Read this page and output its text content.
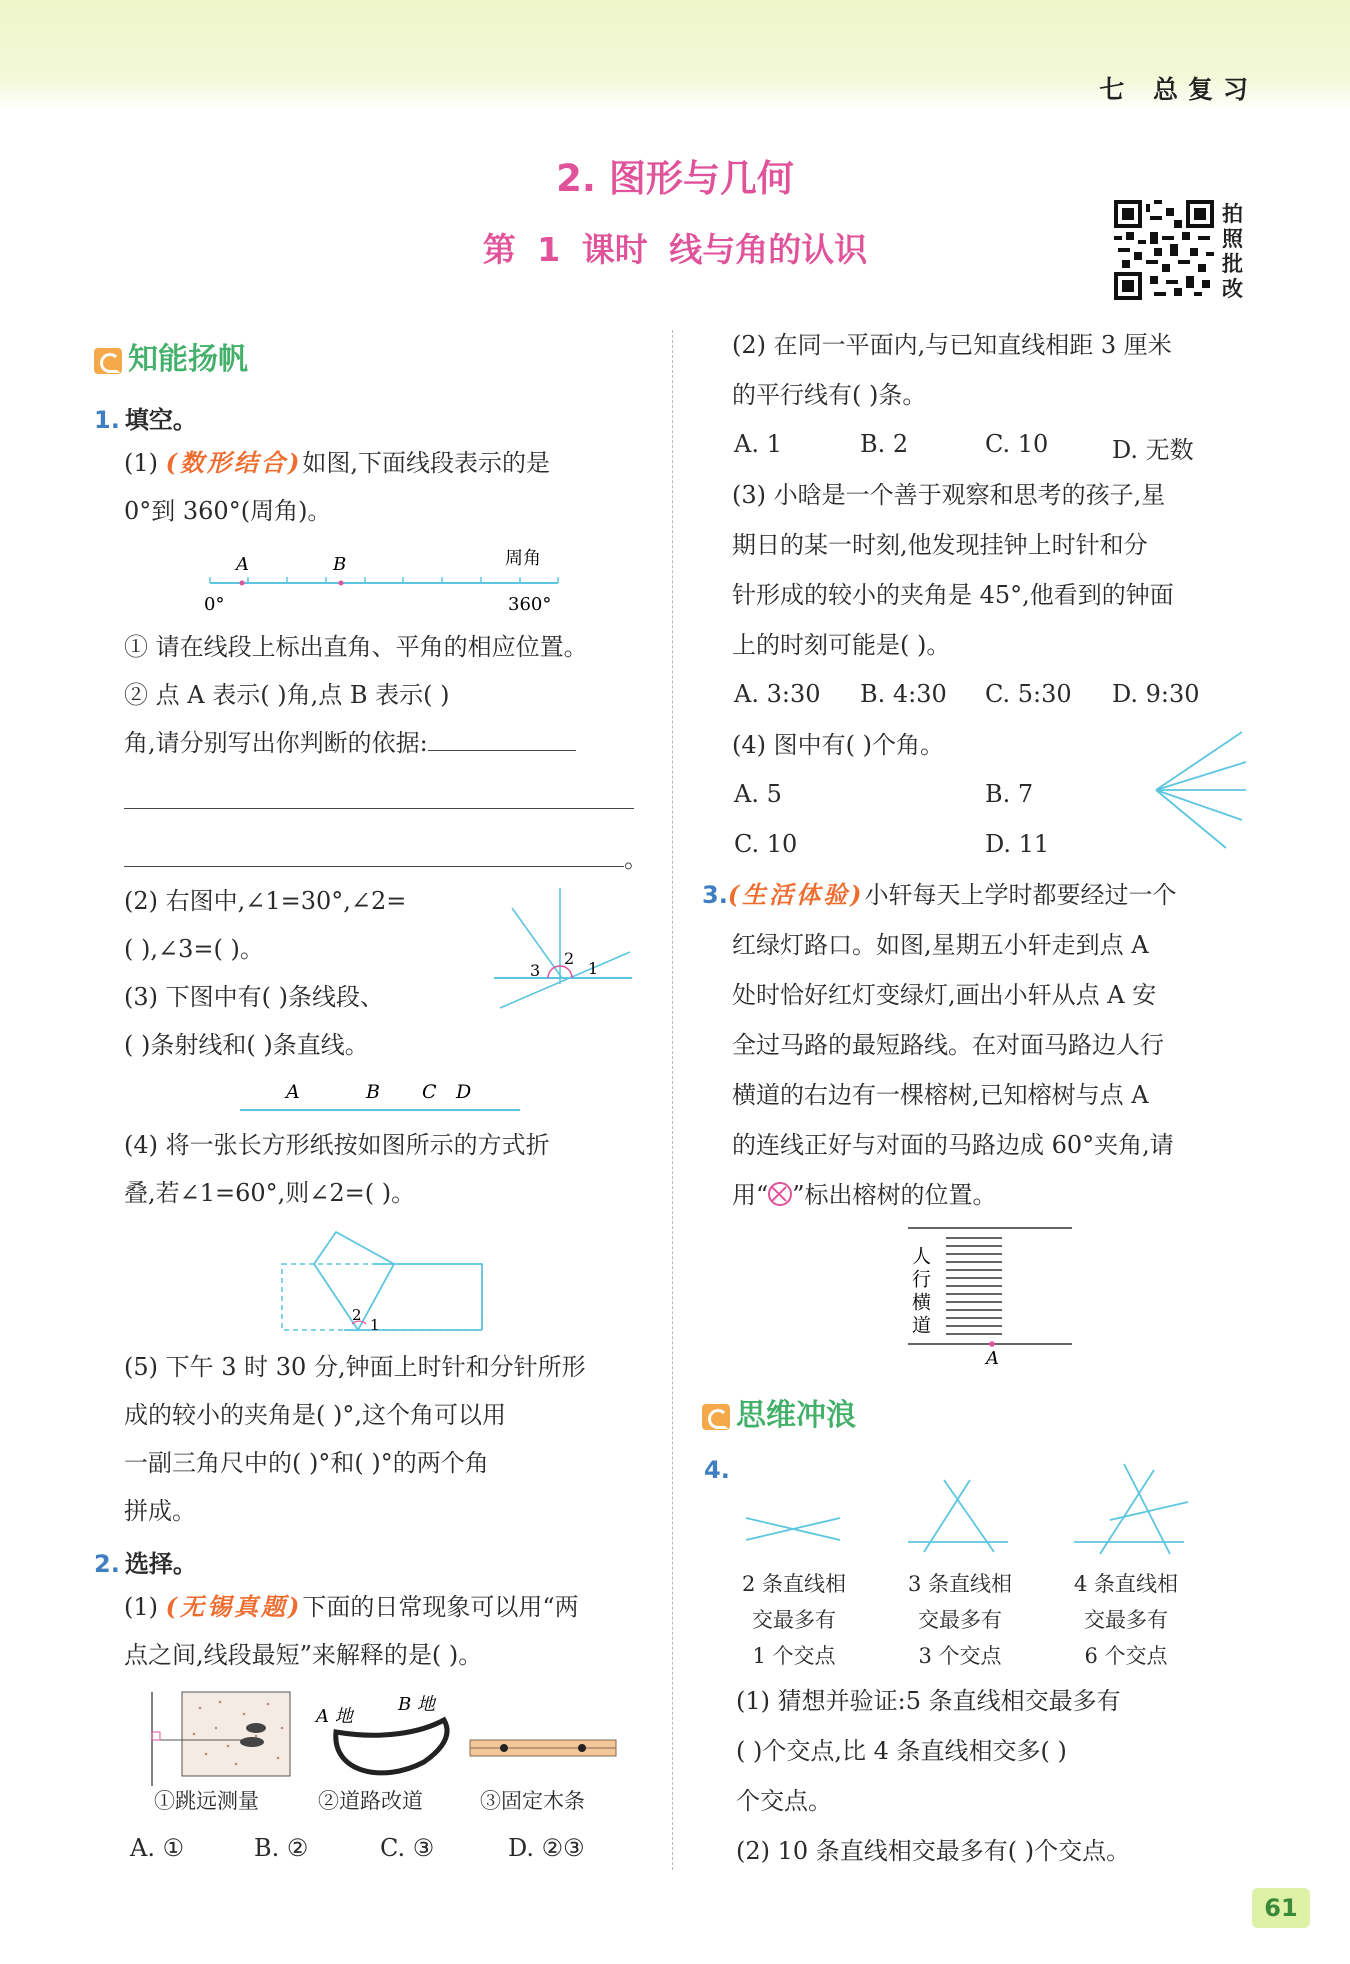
七 总复习
2. 图形与几何
第 1 课时 线与角的认识
拍照批改
知能扬帆
1. 填空。
(1) (数形结合)如图,下面线段表示的是
0°到 360°(周角)。
A	B	周角
0°	360°
① 请在线段上标出直角、平角的相应位置。
② 点 A 表示( )角,点 B 表示( )
角,请分别写出你判断的依据:
。
(2) 右图中,∠1=30°,∠2=
( ),∠3=( )。
3
2
1
(3) 下图中有( )条线段、
( )条射线和( )条直线。
A	B C D
(4) 将一张长方形纸按如图所示的方式折
叠,若∠1=60°,则∠2=( )。
2
1
(5) 下午 3 时 30 分,钟面上时针和分针所形
成的较小的夹角是( )°,这个角可以用
一副三角尺中的( )°和( )°的两个角
拼成。
2. 选择。
(1) (无锡真题)下面的日常现象可以用“两
点之间,线段最短”来解释的是( )。
A 地
B 地
①跳远测量	②道路改道	③固定木条
A. ①	B. ②	C. ③	D. ②③
(2) 在同一平面内,与已知直线相距 3 厘米
的平行线有( )条。
A. 1	B. 2	C. 10	D. 无数
(3) 小晗是一个善于观察和思考的孩子,星
期日的某一时刻,他发现挂钟上时针和分
针形成的较小的夹角是 45°,他看到的钟面
上的时刻可能是( )。
A. 3:30 B. 4:30 C. 5:30 D. 9:30
(4) 图中有( )个角。
A. 5	B. 7
C. 10	D. 11
3.(生活体验)小轩每天上学时都要经过一个
红绿灯路口。如图,星期五小轩走到点 A
处时恰好红灯变绿灯,画出小轩从点 A 安
全过马路的最短路线。在对面马路边人行
横道的右边有一棵榕树,已知榕树与点 A
的连线正好与对面的马路边成 60°夹角,请
用“ ”标出榕树的位置。
人行横道
A
思维冲浪
4.
2 条直线相
交最多有
1 个交点
3 条直线相
交最多有
3 个交点
4 条直线相
交最多有
6 个交点
(1) 猜想并验证:5 条直线相交最多有
( )个交点,比 4 条直线相交多( )
个交点。
(2) 10 条直线相交最多有( )个交点。
61
